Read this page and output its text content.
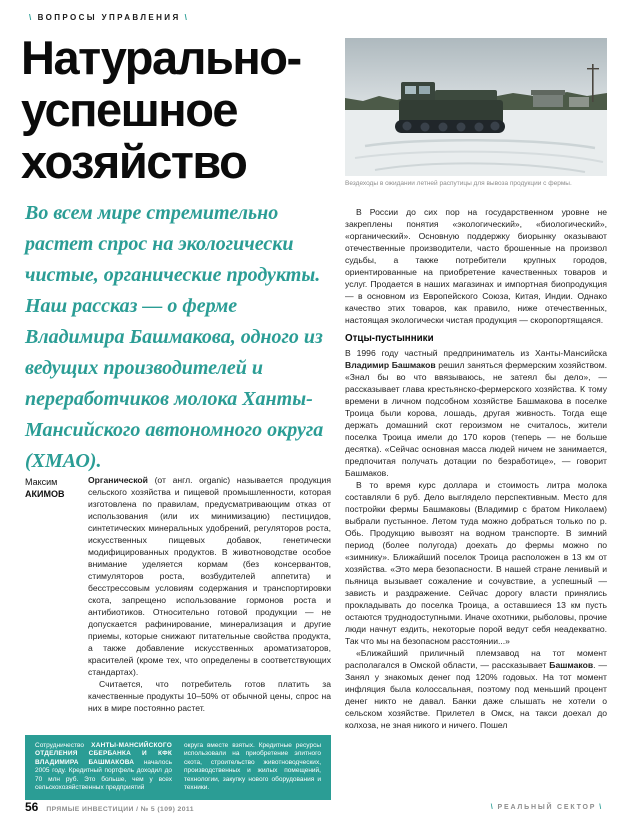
\ ВОПРОСЫ УПРАВЛЕНИЯ \
Натурально-
успешное
хозяйство	Вездеходы в ожидании летней распутицы для вывоза продукции с фермы.
Во всем мире стремительно растет спрос на экологически чистые, органические продукты. Наш рассказ — о ферме Владимира Башмакова, одного из ведущих производителей и переработчиков молока Ханты-Мансийского автономного округа (ХМАО).
Максим
АКИМОВ

Органической (от англ. organic) называется продукция сельского хозяйства и пищевой промышленности, которая изготовлена по правилам, предусматривающим отказ от использования (или их минимизацию) пестицидов, синтетических минеральных удобрений, регуляторов роста, искусственных пищевых добавок, генетически модифицированных продуктов. В животноводстве особое внимание уделяется кормам (без консервантов, стимуляторов роста, возбудителей аппетита) и бесстрессовым условиям содержания и транспортировки скота, запрещено использование гормонов роста и антибиотиков. Относительно готовой продукции — не допускается рафинирование, минерализация и другие приемы, которые снижают питательные свойства продукта, а также добавление искусственных ароматизаторов, красителей (кроме тех, что определены в соответствующих стандартах).

Считается, что потребитель готов платить за качественные продукты 10–50% от обычной цены, спрос на них в мире постоянно растет.

В России до сих пор на государственном уровне не закреплены понятия «экологический», «биологический», «органический». Основную поддержку биорынку оказывают отечественные производители, часто брошенные на произвол судьбы, а также потребители крупных городов, ориентированные на приобретение качественных товаров и услуг. Продается в наших магазинах и импортная биопродукция — в основном из Европейского Союза, Китая, Индии. Однако качество этих товаров, как правило, ниже отечественных, настоящая экологически чистая продукция — скоропортящаяся.

Отцы-пустынники

В 1996 году частный предприниматель из Ханты-Мансийска Владимир Башмаков решил заняться фермерским хозяйством. «Знал бы во что ввязываюсь, не затеял бы дело», — рассказывает глава крестьянско-фермерского хозяйства. К тому времени в личном подсобном хозяйстве Башмакова в поселке Троица были корова, лошадь, другая живность. Тогда еще держать домашний скот героизмом не считалось, жители поселка Троица имели до 170 коров (теперь — не больше десятка). «Сейчас основная масса людей ничем не занимается, предпочитая получать дотации по безработице», — говорит Башмаков.

В то время курс доллара и стоимость литра молока составляли 6 руб. Дело выглядело перспективным. Место для постройки фермы Башмаковы (Владимир с братом Николаем) выбрали пустынное. Летом туда можно добраться только по р. Обь. Продукцию вывозят на водном транспорте. В зимний период (более полугода) доехать до фермы можно по «зимнику». Ближайший поселок Троица расположен в 13 км от хозяйства. «Это мера безопасности. В нашей стране ленивый и пьяница вызывает сожаление и сочувствие, а успешный — зависть и раздражение. Сейчас дорогу власти принялись прокладывать до поселка Троица, а оставшиеся 13 км пусть остаются труднодоступными. Иначе охотники, рыболовы, прочие люди начнут ездить, некоторые порой ведут себя неадекватно. Так что мы на безопасном расстоянии...»

«Ближайший приличный племзавод на тот момент располагался в Омской области, — рассказывает Башмаков. — Занял у знакомых денег под 120% годовых. На тот момент инфляция была колоссальная, поэтому под меньший процент денег никто не давал. Банки даже слышать не хотели о сельском хозяйстве. Прилетел в Омск, на такси доехал до колхоза, не зная никого и ничего. Пошел

Сотрудничество ХАНТЫ-МАНСИЙСКОГО ОТДЕЛЕНИЯ СБЕРБАНКА И КФК ВЛАДИМИРА БАШМАКОВА началось 2005 году. Кредитный портфель доходил до 70 млн руб. Это больше, чем у всех сельскохозяйственных предприятий
округа вместе взятых. Кредитные ресурсы использовали на приобретение элитного скота, строительство животноводческих, производственных и жилых помещений, технологии, закупку нового оборудования и техники.
56 ПРЯМЫЕ ИНВЕСТИЦИИ / № 5 (109) 2011	\ РЕАЛЬНЫЙ СЕКТОР \
